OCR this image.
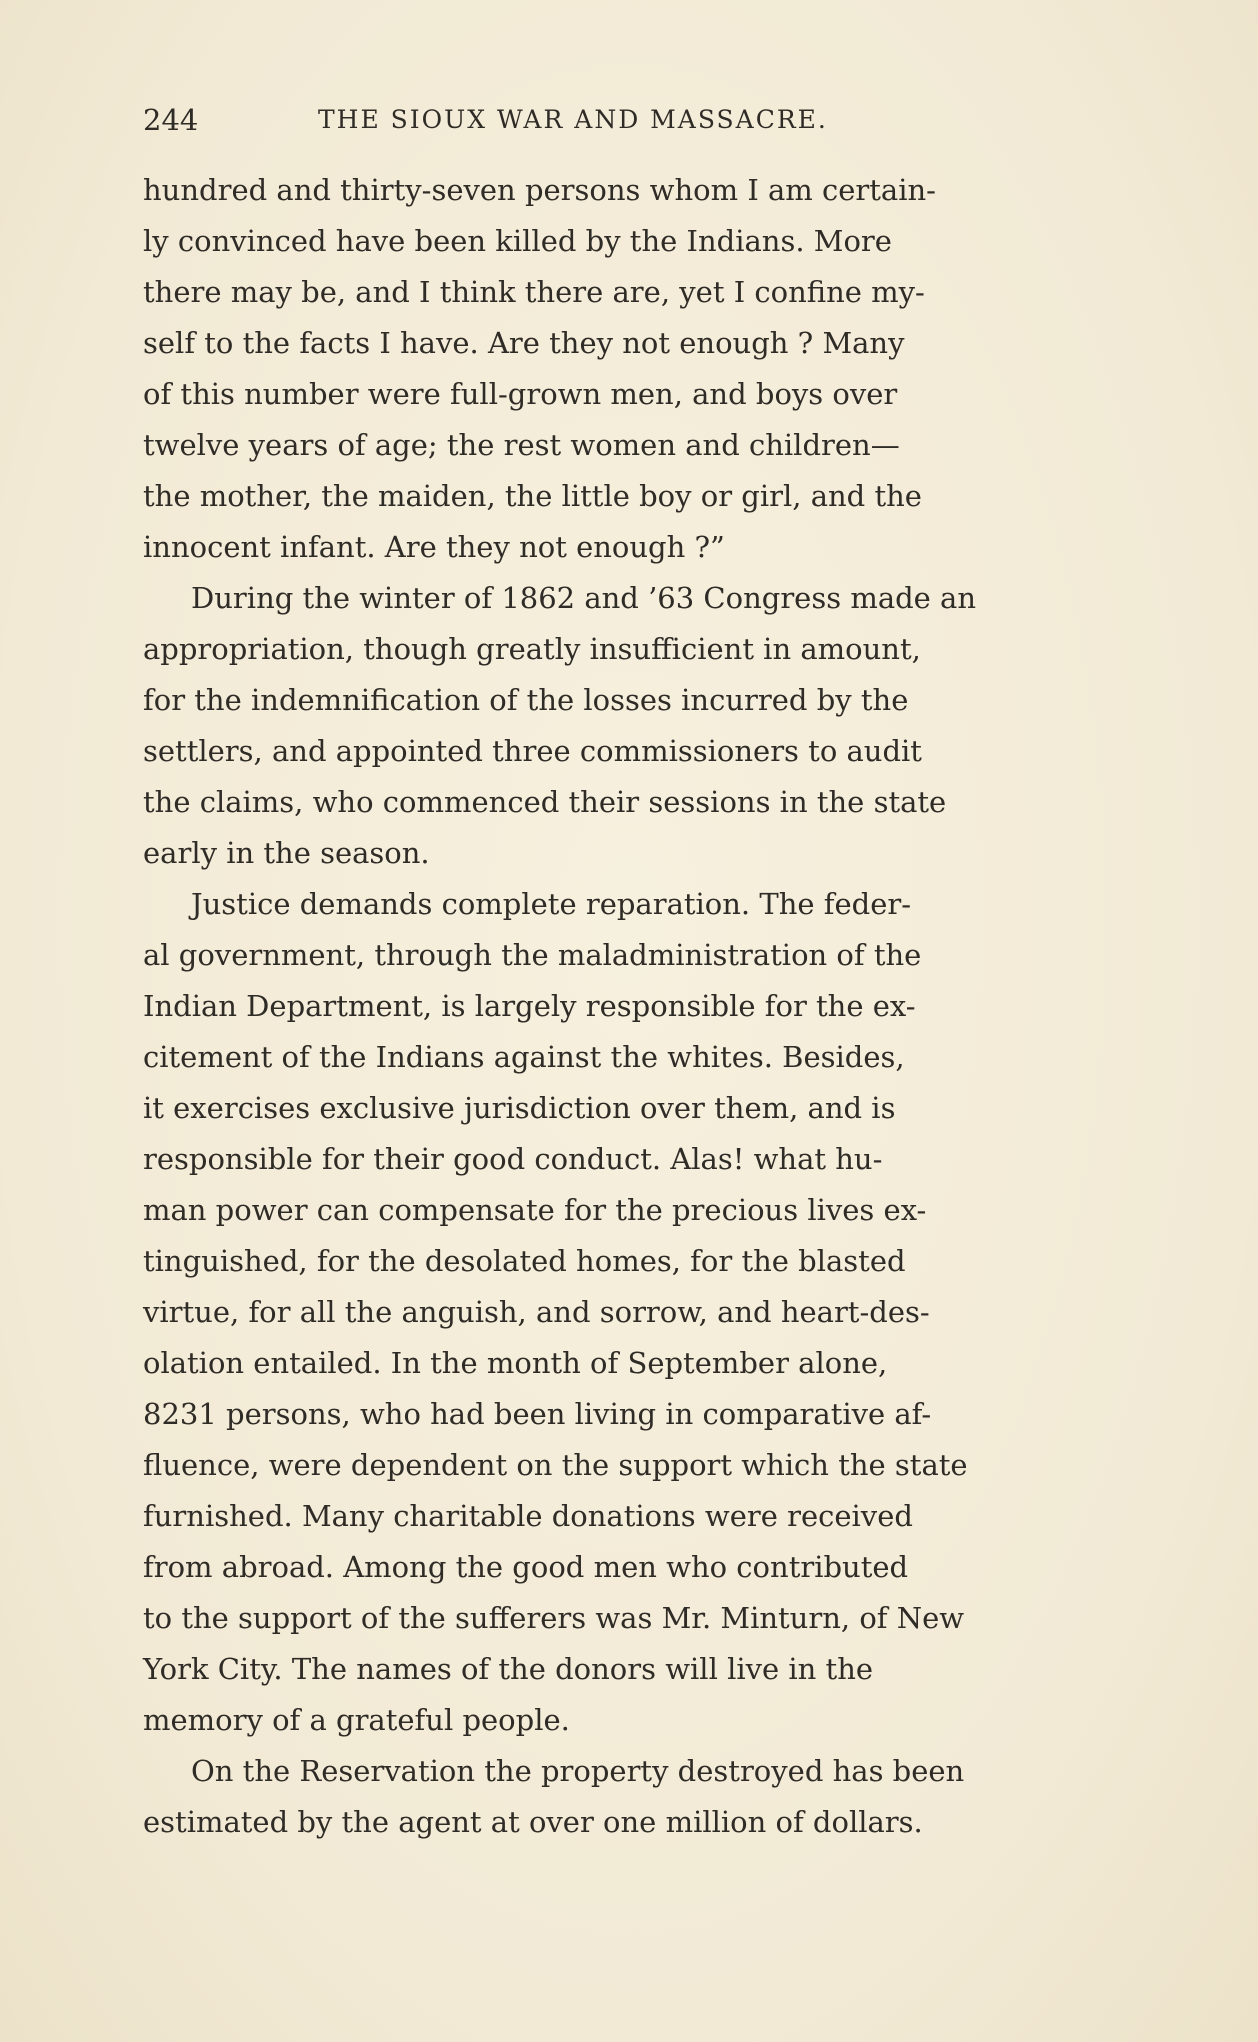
244	THE SIOUX WAR AND MASSACRE.
hundred and thirty-seven persons whom I am certain-
ly convinced have been killed by the Indians. More
there may be, and I think there are, yet I confine my-
self to the facts I have. Are they not enough ? Many
of this number were full-grown men, and boys over
twelve years of age; the rest women and children—
the mother, the maiden, the little boy or girl, and the
innocent infant. Are they not enough ?”
During the winter of 1862 and ’63 Congress made an
appropriation, though greatly insufficient in amount,
for the indemnification of the losses incurred by the
settlers, and appointed three commissioners to audit
the claims, who commenced their sessions in the state
early in the season.
Justice demands complete reparation. The feder-
al government, through the maladministration of the
Indian Department, is largely responsible for the ex-
citement of the Indians against the whites. Besides,
it exercises exclusive jurisdiction over them, and is
responsible for their good conduct. Alas! what hu-
man power can compensate for the precious lives ex-
tinguished, for the desolated homes, for the blasted
virtue, for all the anguish, and sorrow, and heart-des-
olation entailed. In the month of September alone,
8231 persons, who had been living in comparative af-
fluence, were dependent on the support which the state
furnished. Many charitable donations were received
from abroad. Among the good men who contributed
to the support of the sufferers was Mr. Minturn, of New
York City. The names of the donors will live in the
memory of a grateful people.
On the Reservation the property destroyed has been
estimated by the agent at over one million of dollars.
